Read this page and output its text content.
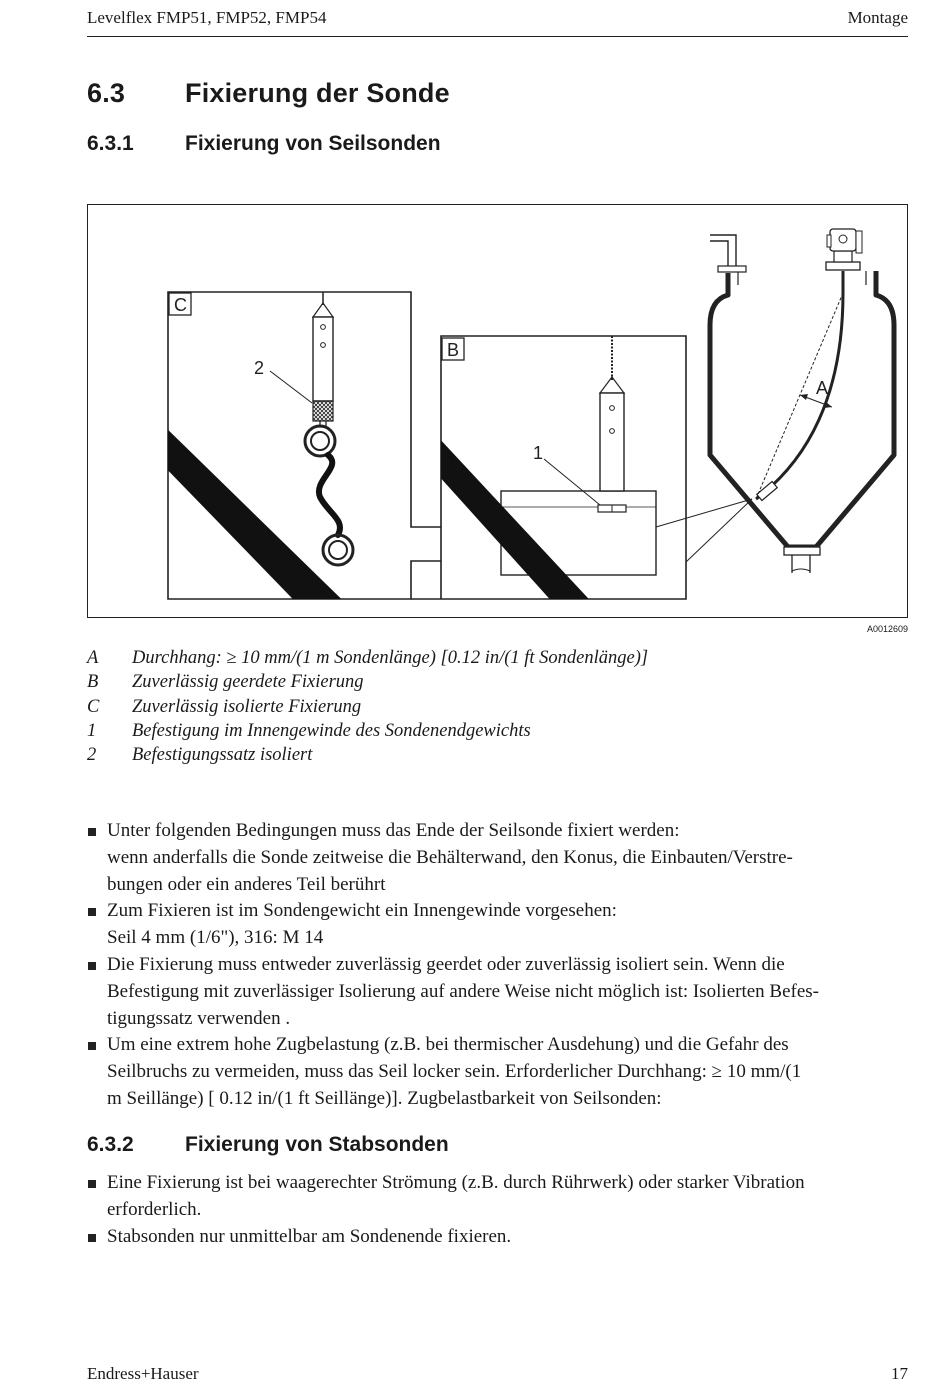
Levelflex FMP51, FMP52, FMP54	Montage
6.3 Fixierung der Sonde
6.3.1 Fixierung von Seilsonden
C
2
B
1
A
A0012609
A Durchhang: ≥ 10 mm/(1 m Sondenlänge) [0.12 in/(1 ft Sondenlänge)]
B Zuverlässig geerdete Fixierung
C Zuverlässig isolierte Fixierung
1 Befestigung im Innengewinde des Sondenendgewichts
2 Befestigungssatz isoliert
Unter folgenden Bedingungen muss das Ende der Seilsonde fixiert werden:
wenn anderfalls die Sonde zeitweise die Behälterwand, den Konus, die Einbauten/Verstre-
bungen oder ein anderes Teil berührt
Zum Fixieren ist im Sondengewicht ein Innengewinde vorgesehen:
Seil 4 mm (1/6"), 316: M 14
Die Fixierung muss entweder zuverlässig geerdet oder zuverlässig isoliert sein. Wenn die
Befestigung mit zuverlässiger Isolierung auf andere Weise nicht möglich ist: Isolierten Befes-
tigungssatz verwenden .
Um eine extrem hohe Zugbelastung (z.B. bei thermischer Ausdehung) und die Gefahr des
Seilbruchs zu vermeiden, muss das Seil locker sein. Erforderlicher Durchhang: ≥ 10 mm/(1
m Seillänge) [ 0.12 in/(1 ft Seillänge)]. Zugbelastbarkeit von Seilsonden:
6.3.2 Fixierung von Stabsonden
Eine Fixierung ist bei waagerechter Strömung (z.B. durch Rührwerk) oder starker Vibration
erforderlich.
Stabsonden nur unmittelbar am Sondenende fixieren.
Endress+Hauser	17
